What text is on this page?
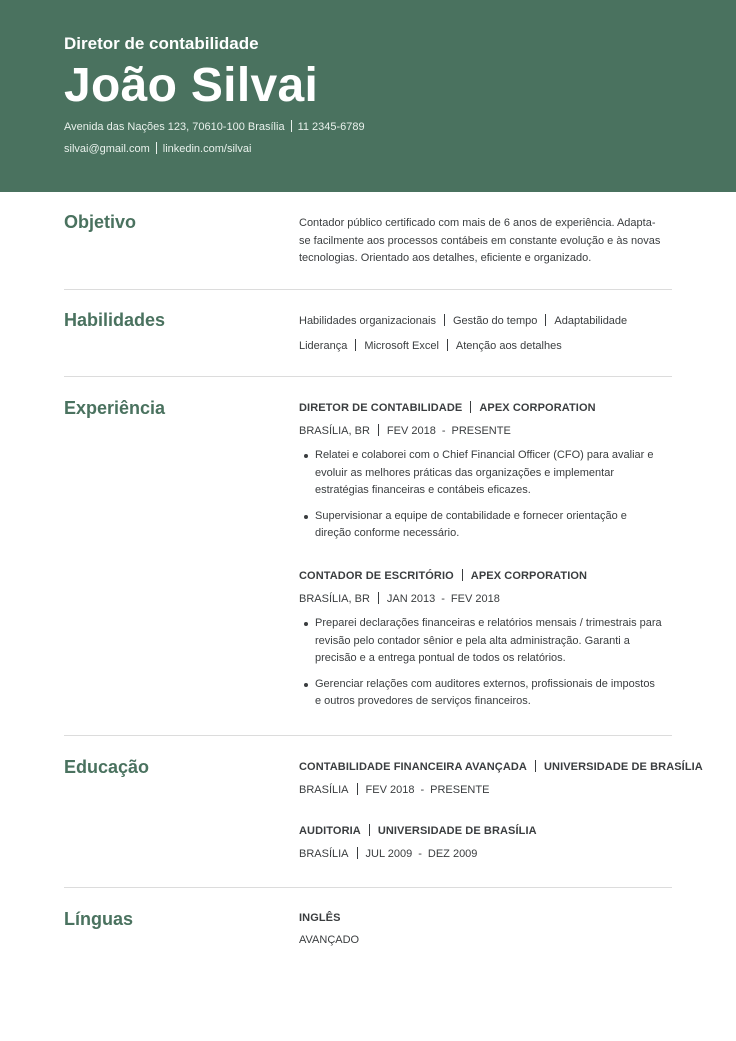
Diretor de contabilidade
João Silvai
Avenida das Nações 123, 70610-100 Brasília 11 2345-6789
silvai@gmail.com linkedin.com/silvai
Objetivo	Contador público certificado com mais de 6 anos de experiência. Adapta-
se facilmente aos processos contábeis em constante evolução e às novas
tecnologias. Orientado aos detalhes, eficiente e organizado.
Habilidades	Habilidades organizacionais Gestão do tempo Adaptabilidade
Liderança Microsoft Excel Atenção aos detalhes
Experiência	DIRETOR DE CONTABILIDADE APEX CORPORATION
BRASÍLIA, BR FEV 2018 - PRESENTE
Relatei e colaborei com o Chief Financial Officer (CFO) para avaliar e
evoluir as melhores práticas das organizações e implementar
estratégias financeiras e contábeis eficazes.
Supervisionar a equipe de contabilidade e fornecer orientação e
direção conforme necessário.
CONTADOR DE ESCRITÓRIO APEX CORPORATION
BRASÍLIA, BR JAN 2013 - FEV 2018
Preparei declarações financeiras e relatórios mensais / trimestrais para
revisão pelo contador sênior e pela alta administração. Garanti a
precisão e a entrega pontual de todos os relatórios.
Gerenciar relações com auditores externos, profissionais de impostos
e outros provedores de serviços financeiros.
Educação	CONTABILIDADE FINANCEIRA AVANÇADA UNIVERSIDADE DE BRASÍLIA
BRASÍLIA FEV 2018 - PRESENTE
AUDITORIA UNIVERSIDADE DE BRASÍLIA
BRASÍLIA JUL 2009 - DEZ 2009
Línguas	INGLÊS
AVANÇADO
